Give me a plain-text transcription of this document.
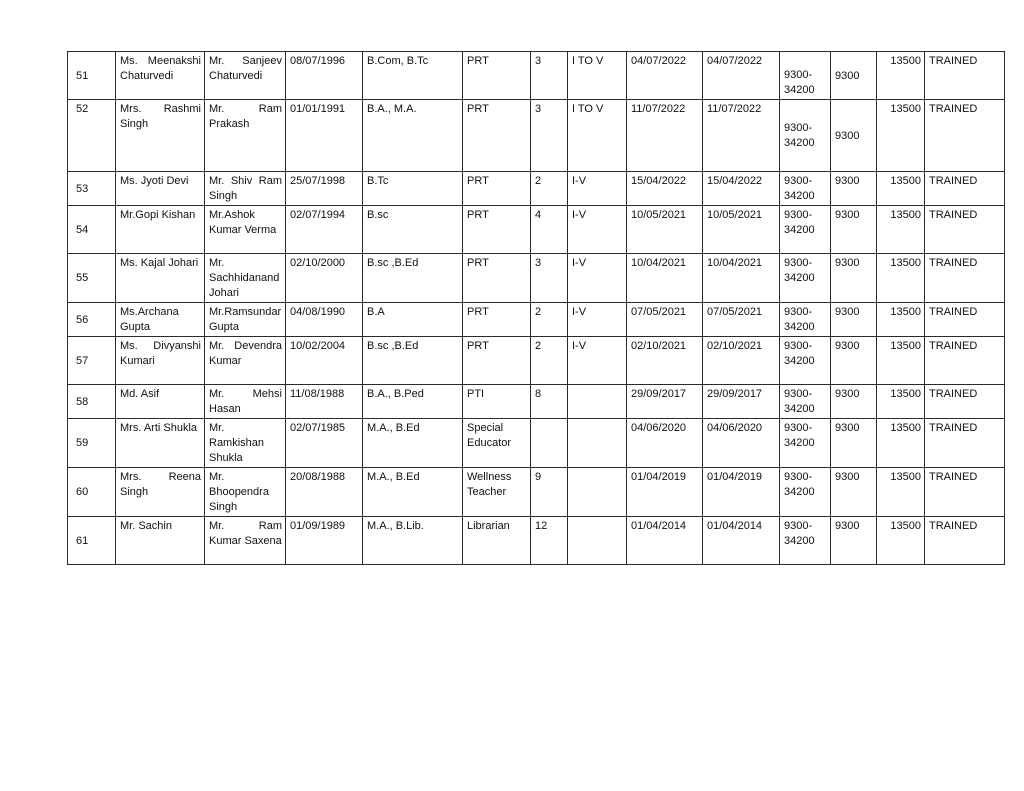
51	Ms. Meenakshi Chaturvedi	Mr. Sanjeev Chaturvedi	08/07/1996	B.Com, B.Tc	PRT	3	I TO V	04/07/2022	04/07/2022	9300-34200	9300	13500	TRAINED
52	Mrs. Rashmi Singh	Mr. Ram Prakash	01/01/1991	B.A., M.A.	PRT	3	I TO V	11/07/2022	11/07/2022	9300-34200	9300	13500	TRAINED
53	Ms. Jyoti Devi	Mr. Shiv Ram Singh	25/07/1998	B.Tc	PRT	2	I-V	15/04/2022	15/04/2022	9300-34200	9300	13500	TRAINED
54	Mr.Gopi Kishan	Mr.Ashok Kumar Verma	02/07/1994	B.sc	PRT	4	I-V	10/05/2021	10/05/2021	9300-34200	9300	13500	TRAINED
55	Ms. Kajal Johari	Mr. Sachhidanand Johari	02/10/2000	B.sc ,B.Ed	PRT	3	I-V	10/04/2021	10/04/2021	9300-34200	9300	13500	TRAINED
56	Ms.Archana Gupta	Mr.Ramsundar Gupta	04/08/1990	B.A	PRT	2	I-V	07/05/2021	07/05/2021	9300-34200	9300	13500	TRAINED
57	Ms. Divyanshi Kumari	Mr. Devendra Kumar	10/02/2004	B.sc ,B.Ed	PRT	2	I-V	02/10/2021	02/10/2021	9300-34200	9300	13500	TRAINED
58	Md. Asif	Mr. Mehsi Hasan	11/08/1988	B.A., B.Ped	PTI	8		29/09/2017	29/09/2017	9300-34200	9300	13500	TRAINED
59	Mrs. Arti Shukla	Mr. Ramkishan Shukla	02/07/1985	M.A., B.Ed	Special Educator			04/06/2020	04/06/2020	9300-34200	9300	13500	TRAINED
60	Mrs. Reena Singh	Mr. Bhoopendra Singh	20/08/1988	M.A., B.Ed	Wellness Teacher	9		01/04/2019	01/04/2019	9300-34200	9300	13500	TRAINED
61	Mr. Sachin	Mr. Ram Kumar Saxena	01/09/1989	M.A., B.Lib.	Librarian	12		01/04/2014	01/04/2014	9300-34200	9300	13500	TRAINED
